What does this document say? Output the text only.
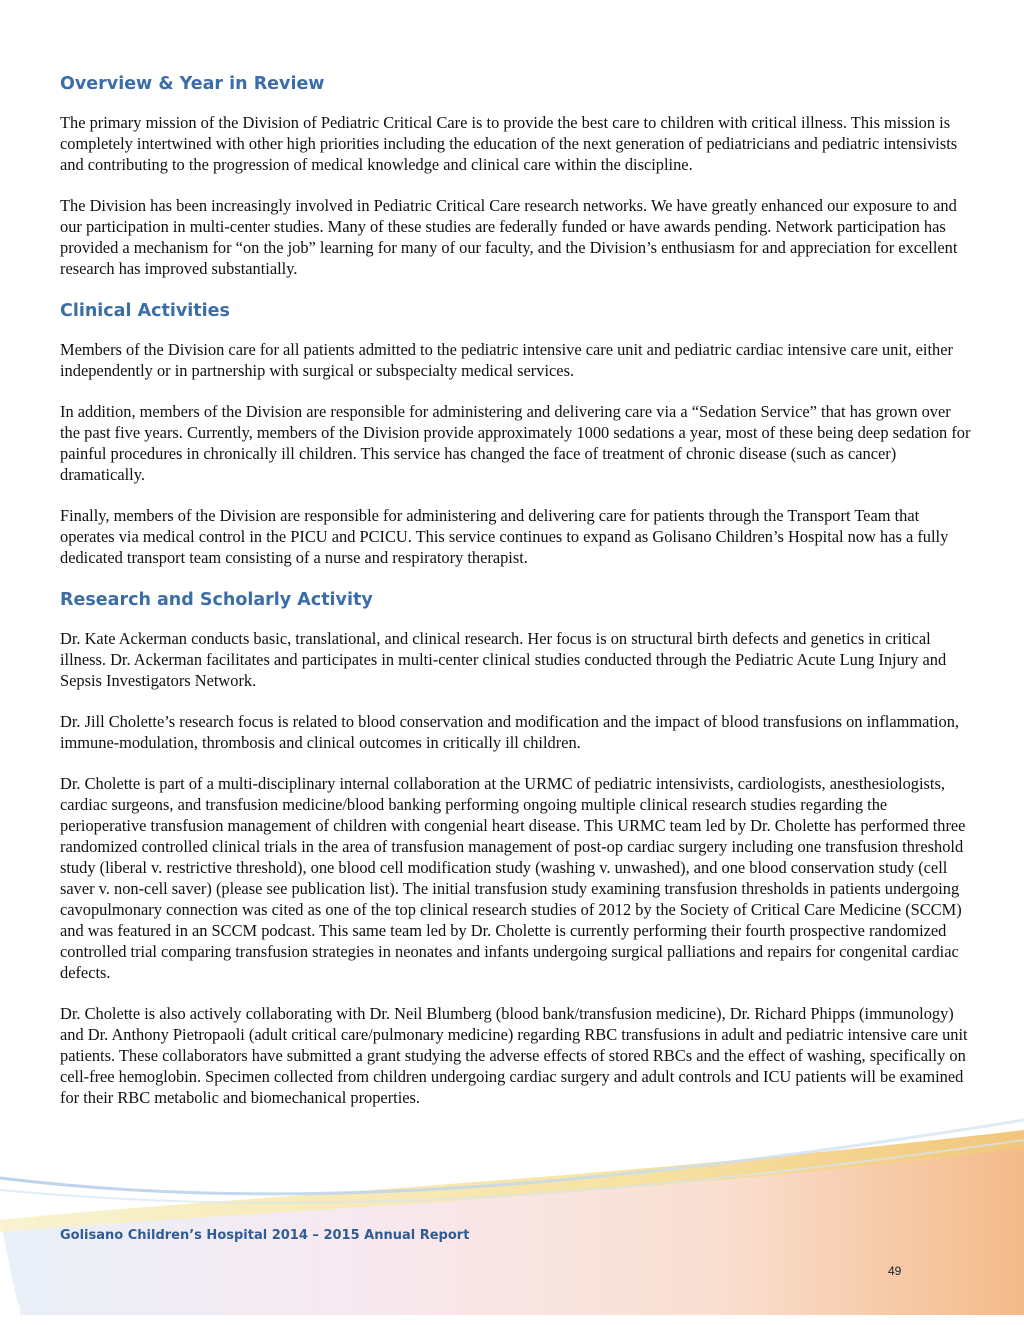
Overview & Year in Review

The primary mission of the Division of Pediatric Critical Care is to provide the best care to children with critical illness. This mission is completely intertwined with other high priorities including the education of the next generation of pediatricians and pediatric intensivists and contributing to the progression of medical knowledge and clinical care within the discipline.

The Division has been increasingly involved in Pediatric Critical Care research networks. We have greatly enhanced our exposure to and our participation in multi-center studies. Many of these studies are federally funded or have awards pending. Network participation has provided a mechanism for “on the job” learning for many of our faculty, and the Division’s enthusiasm for and appreciation for excellent research has improved substantially.

Clinical Activities

Members of the Division care for all patients admitted to the pediatric intensive care unit and pediatric cardiac intensive care unit, either independently or in partnership with surgical or subspecialty medical services.

In addition, members of the Division are responsible for administering and delivering care via a “Sedation Service” that has grown over the past five years. Currently, members of the Division provide approximately 1000 sedations a year, most of these being deep sedation for painful procedures in chronically ill children. This service has changed the face of treatment of chronic disease (such as cancer) dramatically.

Finally, members of the Division are responsible for administering and delivering care for patients through the Transport Team that operates via medical control in the PICU and PCICU. This service continues to expand as Golisano Children’s Hospital now has a fully dedicated transport team consisting of a nurse and respiratory therapist.

Research and Scholarly Activity

Dr. Kate Ackerman conducts basic, translational, and clinical research. Her focus is on structural birth defects and genetics in critical illness. Dr. Ackerman facilitates and participates in multi-center clinical studies conducted through the Pediatric Acute Lung Injury and Sepsis Investigators Network.

Dr. Jill Cholette’s research focus is related to blood conservation and modification and the impact of blood transfusions on inflammation, immune-modulation, thrombosis and clinical outcomes in critically ill children.

Dr. Cholette is part of a multi-disciplinary internal collaboration at the URMC of pediatric intensivists, cardiologists, anesthesiologists, cardiac surgeons, and transfusion medicine/blood banking performing ongoing multiple clinical research studies regarding the perioperative transfusion management of children with congenial heart disease. This URMC team led by Dr. Cholette has performed three randomized controlled clinical trials in the area of transfusion management of post-op cardiac surgery including one transfusion threshold study (liberal v. restrictive threshold), one blood cell modification study (washing v. unwashed), and one blood conservation study (cell saver v. non-cell saver) (please see publication list). The initial transfusion study examining transfusion thresholds in patients undergoing cavopulmonary connection was cited as one of the top clinical research studies of 2012 by the Society of Critical Care Medicine (SCCM) and was featured in an SCCM podcast. This same team led by Dr. Cholette is currently performing their fourth prospective randomized controlled trial comparing transfusion strategies in neonates and infants undergoing surgical palliations and repairs for congenital cardiac defects.

Dr. Cholette is also actively collaborating with Dr. Neil Blumberg (blood bank/transfusion medicine), Dr. Richard Phipps (immunology) and Dr. Anthony Pietropaoli (adult critical care/pulmonary medicine) regarding RBC transfusions in adult and pediatric intensive care unit patients. These collaborators have submitted a grant studying the adverse effects of stored RBCs and the effect of washing, specifically on cell-free hemoglobin. Specimen collected from children undergoing cardiac surgery and adult controls and ICU patients will be examined for their RBC metabolic and biomechanical properties.

Golisano Children’s Hospital 2014 – 2015 Annual Report
49
